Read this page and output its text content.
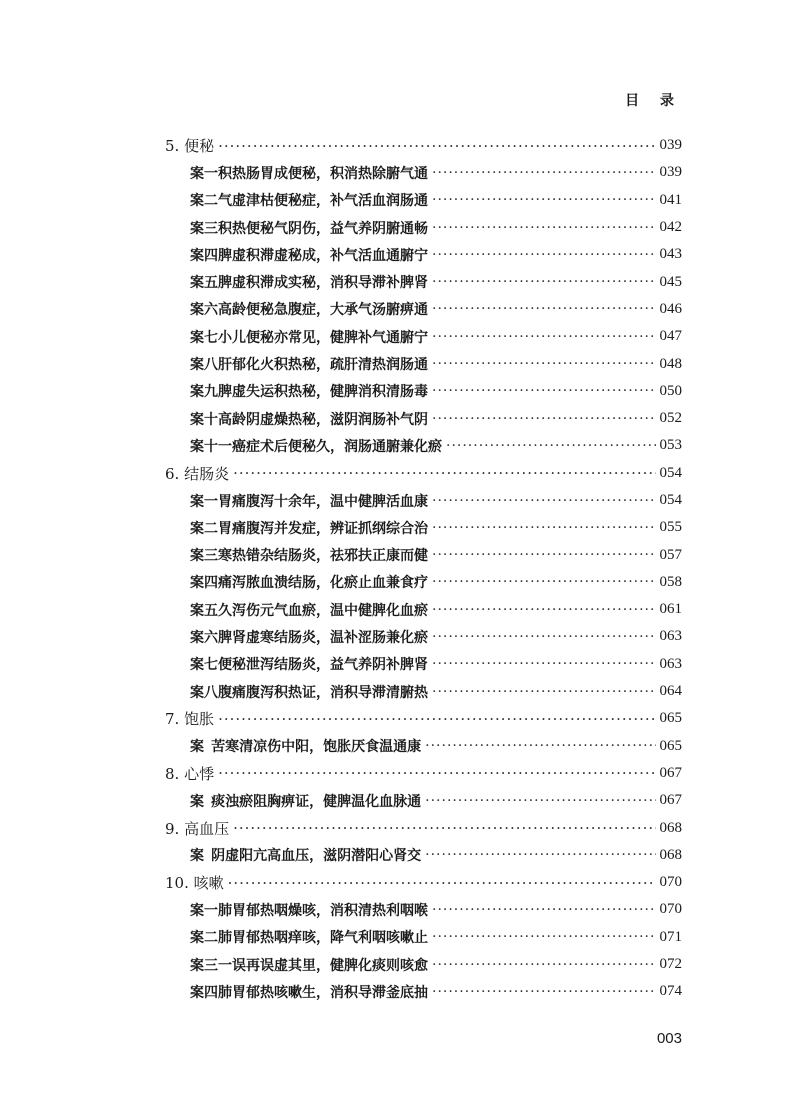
目 录
5. 便秘 ·····	039
案一 积热肠胃成便秘，积消热除腑气通 ·····	039
案二 气虚津枯便秘症，补气活血润肠通 ·····	041
案三 积热便秘气阴伤，益气养阴腑通畅 ·····	042
案四 脾虚积滞虚秘成，补气活血通腑宁 ·····	043
案五 脾虚积滞成实秘，消积导滞补脾肾 ·····	045
案六 高龄便秘急腹症，大承气汤腑痹通 ·····	046
案七 小儿便秘亦常见，健脾补气通腑宁 ·····	047
案八 肝郁化火积热秘，疏肝清热润肠通 ·····	048
案九 脾虚失运积热秘，健脾消积清肠毒 ·····	050
案十 高龄阴虚燥热秘，滋阴润肠补气阴 ·····	052
案十一 癌症术后便秘久，润肠通腑兼化瘀 ·····	053
6. 结肠炎 ·····	054
案一 胃痛腹泻十余年，温中健脾活血康 ·····	054
案二 胃痛腹泻并发症，辨证抓纲综合治 ·····	055
案三 寒热错杂结肠炎，祛邪扶正康而健 ·····	057
案四 痛泻脓血溃结肠，化瘀止血兼食疗 ·····	058
案五 久泻伤元气血瘀，温中健脾化血瘀 ·····	061
案六 脾肾虚寒结肠炎，温补涩肠兼化瘀 ·····	063
案七 便秘泄泻结肠炎，益气养阴补脾肾 ·····	063
案八 腹痛腹泻积热证，消积导滞清腑热 ·····	064
7. 饱胀 ·····	065
案 苦寒清凉伤中阳，饱胀厌食温通康 ·····	065
8. 心悸 ·····	067
案 痰浊瘀阻胸痹证，健脾温化血脉通 ·····	067
9. 高血压 ·····	068
案 阴虚阳亢高血压，滋阴潜阳心肾交 ·····	068
10. 咳嗽 ·····	070
案一 肺胃郁热咽燥咳，消积清热利咽喉 ·····	070
案二 肺胃郁热咽痒咳，降气利咽咳嗽止 ·····	071
案三 一误再误虚其里，健脾化痰则咳愈 ·····	072
案四 肺胃郁热咳嗽生，消积导滞釜底抽 ·····	074
003
